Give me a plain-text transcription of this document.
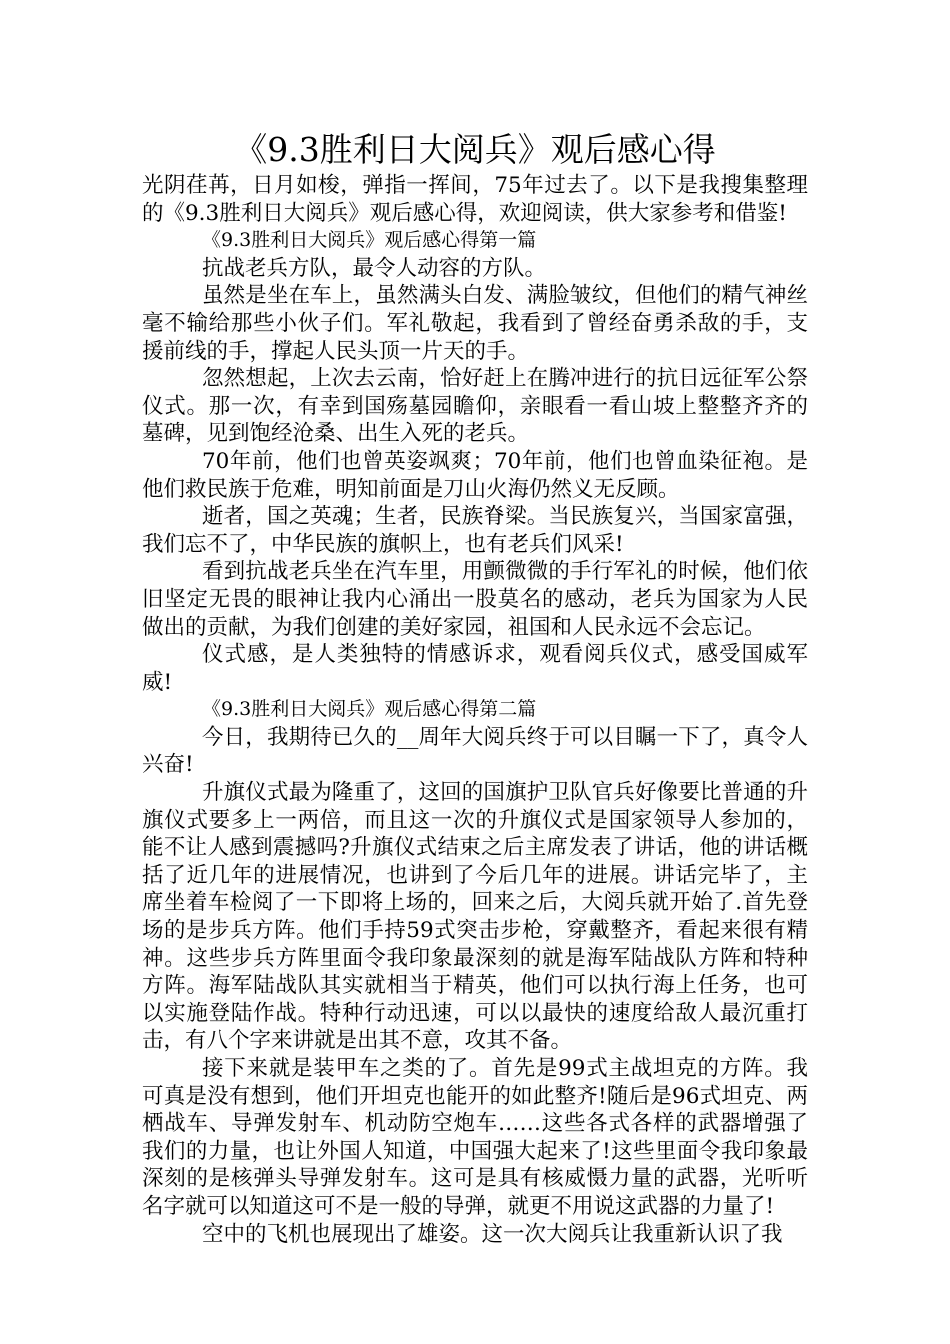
《9.3胜利日大阅兵》观后感心得

光阴荏苒，日月如梭，弹指一挥间，75年过去了。以下是我搜集整理的《9.3胜利日大阅兵》观后感心得，欢迎阅读，供大家参考和借鉴!

《9.3胜利日大阅兵》观后感心得第一篇

抗战老兵方队，最令人动容的方队。

虽然是坐在车上，虽然满头白发、满脸皱纹，但他们的精气神丝毫不输给那些小伙子们。军礼敬起，我看到了曾经奋勇杀敌的手，支援前线的手，撑起人民头顶一片天的手。

忽然想起，上次去云南，恰好赶上在腾冲进行的抗日远征军公祭仪式。那一次，有幸到国殇墓园瞻仰，亲眼看一看山坡上整整齐齐的墓碑，见到饱经沧桑、出生入死的老兵。

70年前，他们也曾英姿飒爽；70年前，他们也曾血染征袍。是他们救民族于危难，明知前面是刀山火海仍然义无反顾。

逝者，国之英魂；生者，民族脊梁。当民族复兴，当国家富强，我们忘不了，中华民族的旗帜上，也有老兵们风采!

看到抗战老兵坐在汽车里，用颤微微的手行军礼的时候，他们依旧坚定无畏的眼神让我内心涌出一股莫名的感动，老兵为国家为人民做出的贡献，为我们创建的美好家园，祖国和人民永远不会忘记。

仪式感，是人类独特的情感诉求，观看阅兵仪式，感受国威军威!

《9.3胜利日大阅兵》观后感心得第二篇

今日，我期待已久的__周年大阅兵终于可以目瞩一下了，真令人兴奋!

升旗仪式最为隆重了，这回的国旗护卫队官兵好像要比普通的升旗仪式要多上一两倍，而且这一次的升旗仪式是国家领导人参加的，能不让人感到震撼吗?升旗仪式结束之后主席发表了讲话，他的讲话概括了近几年的进展情况，也讲到了今后几年的进展。讲话完毕了，主席坐着车检阅了一下即将上场的，回来之后，大阅兵就开始了.首先登场的是步兵方阵。他们手持59式突击步枪，穿戴整齐，看起来很有精神。这些步兵方阵里面令我印象最深刻的就是海军陆战队方阵和特种方阵。海军陆战队其实就相当于精英，他们可以执行海上任务，也可以实施登陆作战。特种行动迅速，可以以最快的速度给敌人最沉重打击，有八个字来讲就是出其不意，攻其不备。

接下来就是装甲车之类的了。首先是99式主战坦克的方阵。我可真是没有想到，他们开坦克也能开的如此整齐!随后是96式坦克、两栖战车、导弹发射车、机动防空炮车……这些各式各样的武器增强了我们的力量，也让外国人知道，中国强大起来了!这些里面令我印象最深刻的是核弹头导弹发射车。这可是具有核威慑力量的武器，光听听名字就可以知道这可不是一般的导弹，就更不用说这武器的力量了!

空中的飞机也展现出了雄姿。这一次大阅兵让我重新认识了我
